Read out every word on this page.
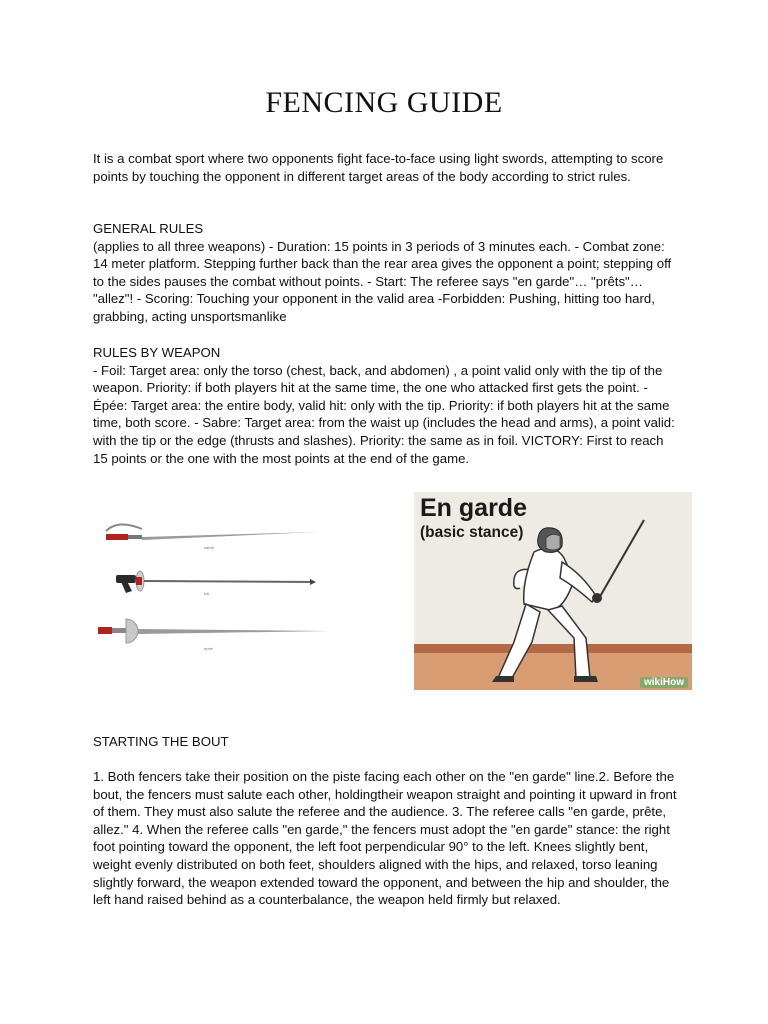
FENCING GUIDE

It is a combat sport where two opponents fight face-to-face using light swords, attempting to score points by touching the opponent in different target areas of the body according to strict rules.

GENERAL RULES
(applies to all three weapons) - Duration: 15 points in 3 periods of 3 minutes each. - Combat zone: 14 meter platform. Stepping further back than the rear area gives the opponent a point; stepping off to the sides pauses the combat without points. - Start: The referee says "en garde"… "prêts"… "allez"! - Scoring: Touching your opponent in the valid area -Forbidden: Pushing, hitting too hard, grabbing, acting unsportsmanlike
RULES BY WEAPON
- Foil: Target area: only the torso (chest, back, and abdomen) , a point valid only with the tip of the weapon. Priority: if both players hit at the same time, the one who attacked first gets the point. - Épée: Target area: the entire body, valid hit: only with the tip. Priority: if both players hit at the same time, both score. - Sabre: Target area: from the waist up (includes the head and arms), a point valid: with the tip or the edge (thrusts and slashes). Priority: the same as in foil. VICTORY: First to reach 15 points or the one with the most points at the end of the game.
sabre
foil
épée
En garde
(basic stance)
wikiHow

STARTING THE BOUT

1. Both fencers take their position on the piste facing each other on the "en garde" line.2. Before the bout, the fencers must salute each other, holdingtheir weapon straight and pointing it upward in front of them. They must also salute the referee and the audience. 3. The referee calls "en garde, prête, allez." 4. When the referee calls "en garde," the fencers must adopt the "en garde" stance: the right foot pointing toward the opponent, the left foot perpendicular 90° to the left. Knees slightly bent, weight evenly distributed on both feet, shoulders aligned with the hips, and relaxed, torso leaning slightly forward, the weapon extended toward the opponent, and between the hip and shoulder, the left hand raised behind as a counterbalance, the weapon held firmly but relaxed.
